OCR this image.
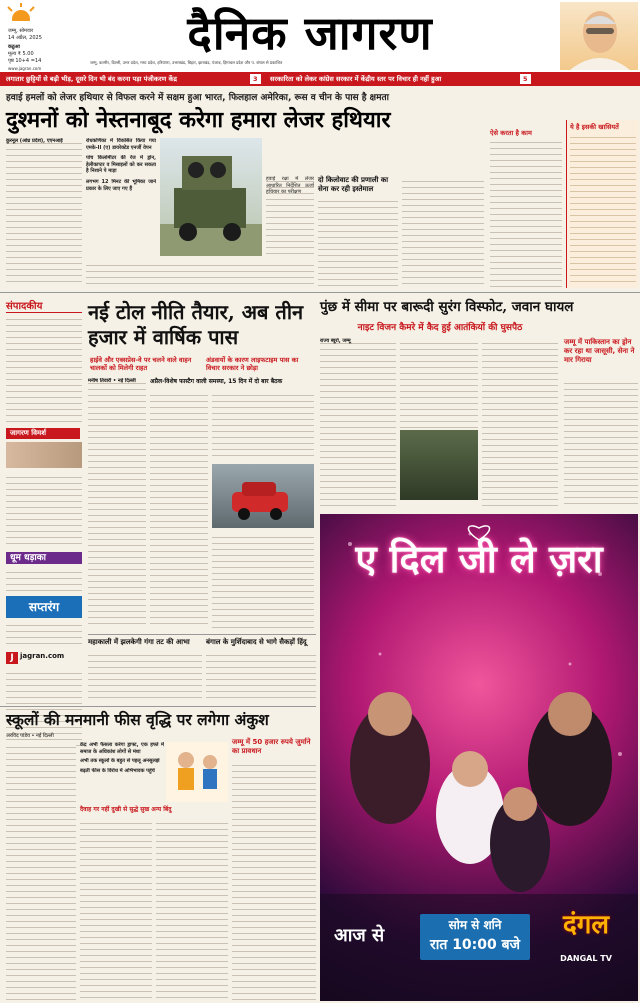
जम्मू, सोमवार
14 अप्रैल, 2025
कठुआ
मूल्य ₹ 5.00
पृष्ठ 10+4 =14
दैनिक जागरण
www.jagran.com
जम्मू, कश्मीर, दिल्ली, उत्तर प्रदेश, मध्य प्रदेश, हरियाणा, उत्तराखंड, बिहार, झारखंड, पंजाब, हिमाचल प्रदेश और प. बंगाल से प्रकाशित
लगातार छुट्टियों से बढ़ी भीड़, दूसरे दिन भी बंद करना पड़ा पंजीकरण केंद्र	3	सरकारिता को लेकर कांग्रेस सरकार में केंद्रीय स्तर पर विचार ही नहीं हुआ	5
हवाई हमलों को लेजर हथियार से विफल करने में सक्षम हुआ भारत, फिलहाल अमेरिका, रूस व चीन के पास है क्षमता
दुश्मनों को नेस्तनाबूद करेगा हमारा लेजर हथियार
कुरनूल (आंध्र प्रदेश), एएनआई	रोधकणिका में विकसित किया गया एमके-II (ए) डायरेक्टेड एनर्जी वेपन
पांच किलोमीटर की रेंज में ड्रोन, हेलीकाप्टर व मिसाइलों को कर सकता है निशाने पे माड़ा
लगभग 12 मिनट की भूमिका जाने प्रकार के लिए जाए गए हैं
हवाई रक्षा में लेजर आधारित निर्देशित ऊर्जा हथियार का परीक्षण
दो किलोवाट की प्रणाली का सेना कर रही इस्तेमाल
ऐसे करता है काम
ये है इसकी खासियतें
संपादकीय
जागरण विमर्श
धूम धड़ाका
सप्तरंग
J jagran.com
नई टोल नीति तैयार, अब तीन हजार में वार्षिक पास
हाईवे और एक्सप्रेस-वे पर चलने वाले वाहन चालकों को मिलेगी राहत
अंडवायों के कारण लाइफटाइम पास का विचार सरकार ने छोड़ा
अप्रैल-विशेष फास्टैग वाली समस्या, 15 दिन में दो बार बैठक
मनीष तिवारी • नई दिल्ली
पुंछ में सीमा पर बारूदी सुरंग विस्फोट, जवान घायल
नाइट विजन कैमरे में कैद हुई आतंकियों की घुसपैठ
राज्य ब्यूरो, जम्मू	जम्मू में पाकिस्तान का ड्रोन कर रहा था जासूसी, सेना ने मार गिराया
ए दिल जी ले ज़रा
आज से	सोम से शनि
रात 10:00 बजे
दंगल
DANGAL TV
महाकाली में झलकेगी गंगा तट की आभा	बंगाल के मुर्शिदाबाद से भागे सैकड़ों हिंदू
स्कूलों की मनमानी फीस वृद्धि पर लगेगा अंकुश
अरविंद पांडेय • नई दिल्ली
केंद्र अभी फैसला करेगा ड्राफ्ट, एक हफ्ते में समाज के अधिकांश लोगों से मंशा
अभी तक स्कूलों के बहुत से पहलू अनसुलझे
बढ़ती फीस के विरोध में अभिभावक पहुंचे
जम्मू में 50 हजार रुपये जुर्माने का प्रावधान
दैवाह गर नहीं दुखी से सुद्धे सुख अन्य बिंदु
